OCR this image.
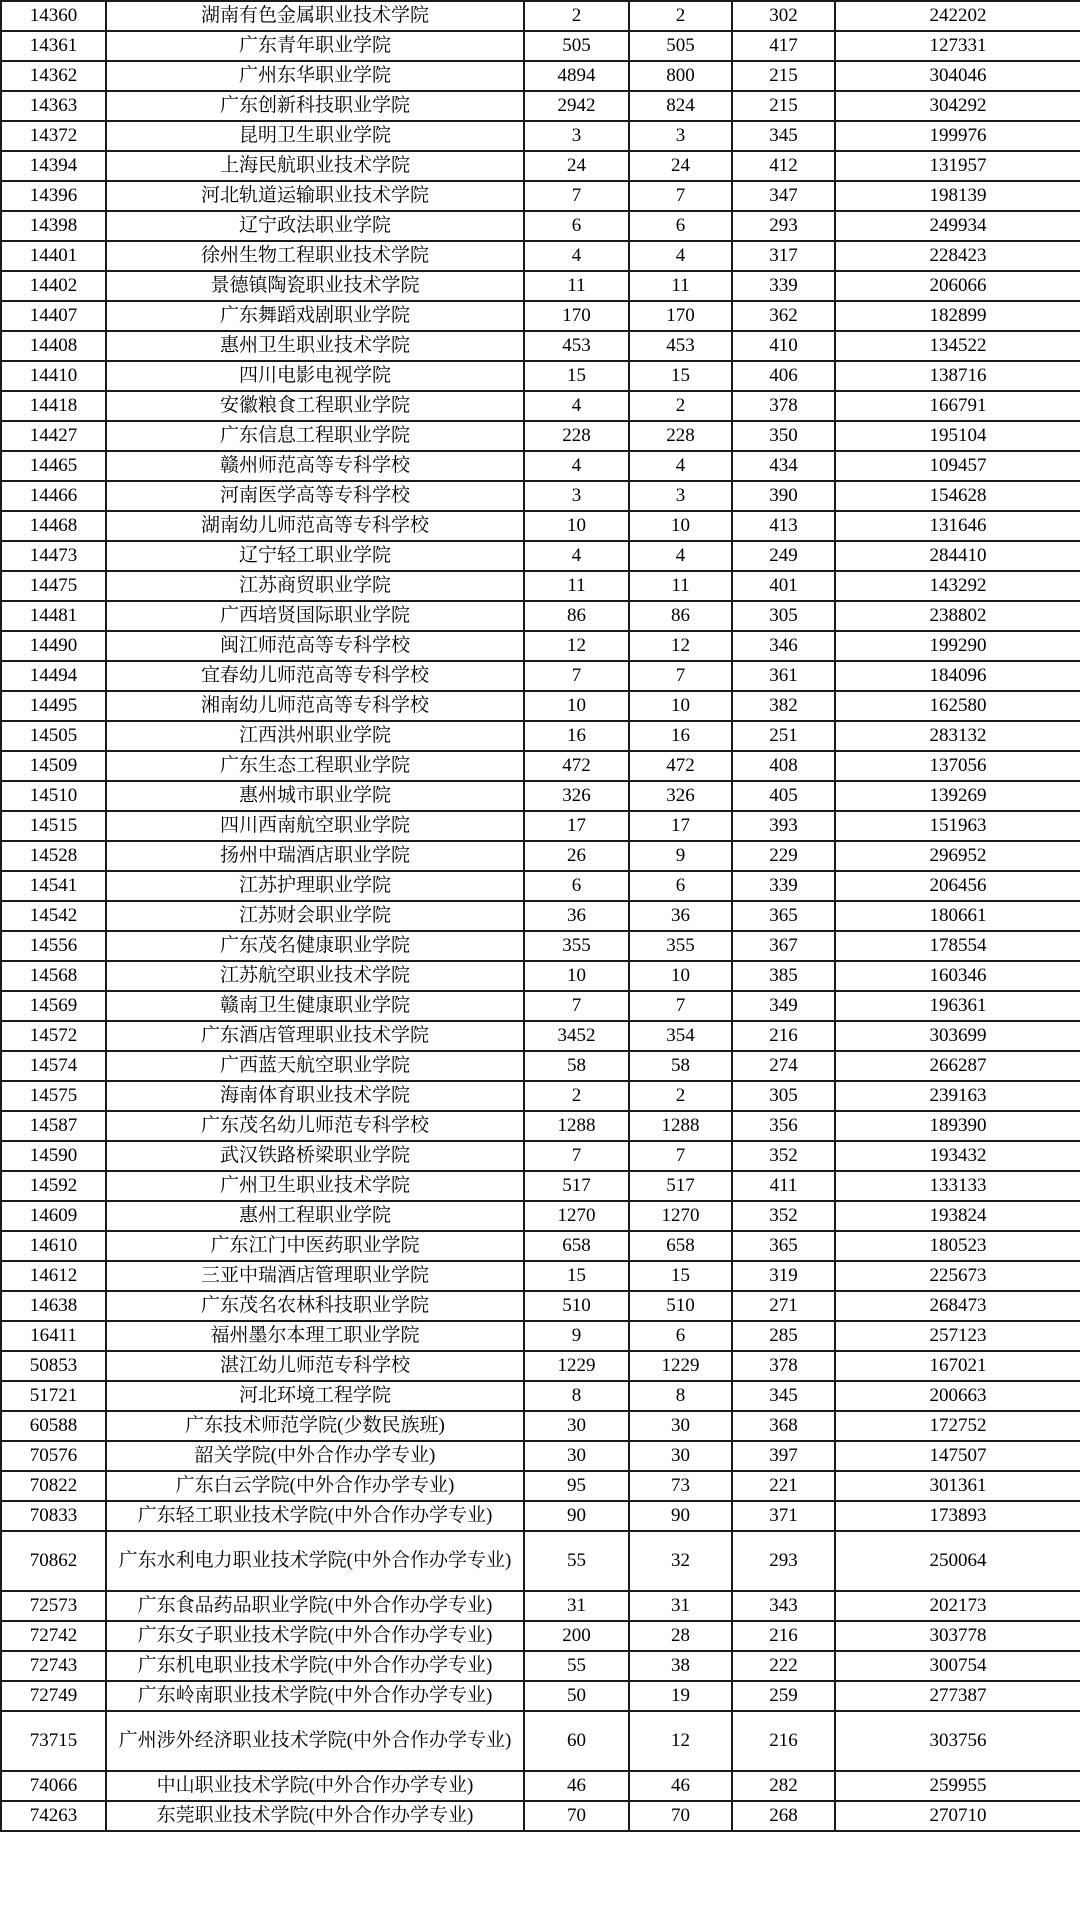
14360	湖南有色金属职业技术学院	2	2	302	242202
14361	广东青年职业学院	505	505	417	127331
14362	广州东华职业学院	4894	800	215	304046
14363	广东创新科技职业学院	2942	824	215	304292
14372	昆明卫生职业学院	3	3	345	199976
14394	上海民航职业技术学院	24	24	412	131957
14396	河北轨道运输职业技术学院	7	7	347	198139
14398	辽宁政法职业学院	6	6	293	249934
14401	徐州生物工程职业技术学院	4	4	317	228423
14402	景德镇陶瓷职业技术学院	11	11	339	206066
14407	广东舞蹈戏剧职业学院	170	170	362	182899
14408	惠州卫生职业技术学院	453	453	410	134522
14410	四川电影电视学院	15	15	406	138716
14418	安徽粮食工程职业学院	4	2	378	166791
14427	广东信息工程职业学院	228	228	350	195104
14465	赣州师范高等专科学校	4	4	434	109457
14466	河南医学高等专科学校	3	3	390	154628
14468	湖南幼儿师范高等专科学校	10	10	413	131646
14473	辽宁轻工职业学院	4	4	249	284410
14475	江苏商贸职业学院	11	11	401	143292
14481	广西培贤国际职业学院	86	86	305	238802
14490	闽江师范高等专科学校	12	12	346	199290
14494	宜春幼儿师范高等专科学校	7	7	361	184096
14495	湘南幼儿师范高等专科学校	10	10	382	162580
14505	江西洪州职业学院	16	16	251	283132
14509	广东生态工程职业学院	472	472	408	137056
14510	惠州城市职业学院	326	326	405	139269
14515	四川西南航空职业学院	17	17	393	151963
14528	扬州中瑞酒店职业学院	26	9	229	296952
14541	江苏护理职业学院	6	6	339	206456
14542	江苏财会职业学院	36	36	365	180661
14556	广东茂名健康职业学院	355	355	367	178554
14568	江苏航空职业技术学院	10	10	385	160346
14569	赣南卫生健康职业学院	7	7	349	196361
14572	广东酒店管理职业技术学院	3452	354	216	303699
14574	广西蓝天航空职业学院	58	58	274	266287
14575	海南体育职业技术学院	2	2	305	239163
14587	广东茂名幼儿师范专科学校	1288	1288	356	189390
14590	武汉铁路桥梁职业学院	7	7	352	193432
14592	广州卫生职业技术学院	517	517	411	133133
14609	惠州工程职业学院	1270	1270	352	193824
14610	广东江门中医药职业学院	658	658	365	180523
14612	三亚中瑞酒店管理职业学院	15	15	319	225673
14638	广东茂名农林科技职业学院	510	510	271	268473
16411	福州墨尔本理工职业学院	9	6	285	257123
50853	湛江幼儿师范专科学校	1229	1229	378	167021
51721	河北环境工程学院	8	8	345	200663
60588	广东技术师范学院(少数民族班)	30	30	368	172752
70576	韶关学院(中外合作办学专业)	30	30	397	147507
70822	广东白云学院(中外合作办学专业)	95	73	221	301361
70833	广东轻工职业技术学院(中外合作办学专业)	90	90	371	173893
70862	广东水利电力职业技术学院(中外合作办学专业)	55	32	293	250064
72573	广东食品药品职业学院(中外合作办学专业)	31	31	343	202173
72742	广东女子职业技术学院(中外合作办学专业)	200	28	216	303778
72743	广东机电职业技术学院(中外合作办学专业)	55	38	222	300754
72749	广东岭南职业技术学院(中外合作办学专业)	50	19	259	277387
73715	广州涉外经济职业技术学院(中外合作办学专业)	60	12	216	303756
74066	中山职业技术学院(中外合作办学专业)	46	46	282	259955
74263	东莞职业技术学院(中外合作办学专业)	70	70	268	270710
